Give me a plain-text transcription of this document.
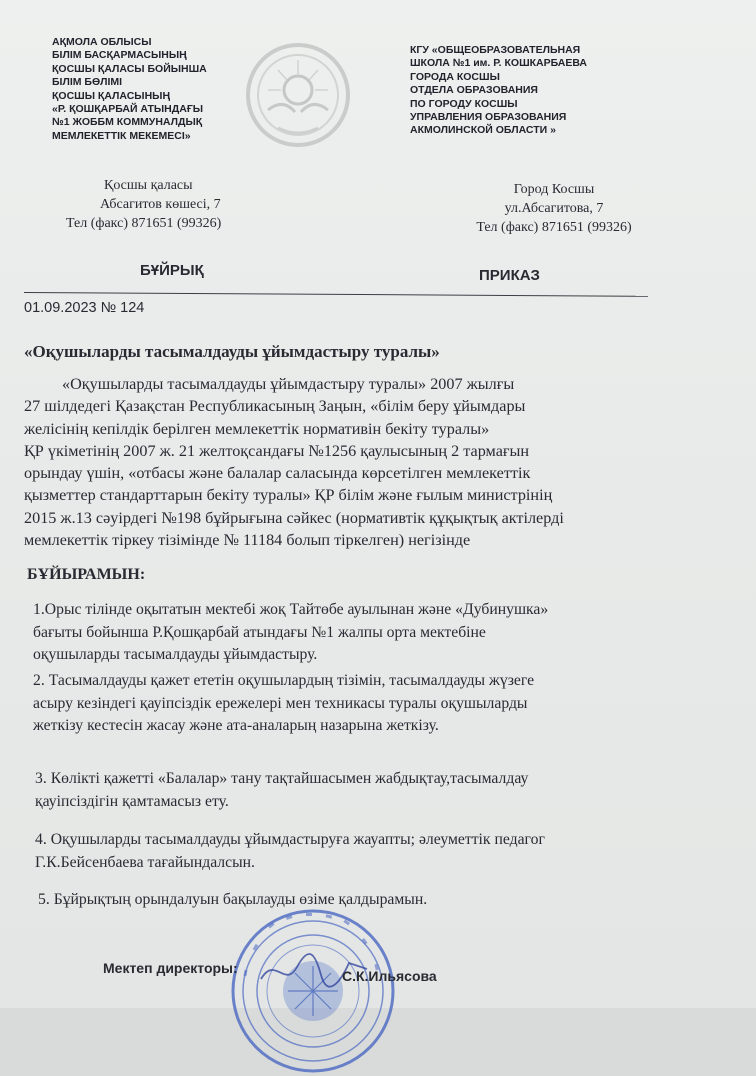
АҚМОЛА ОБЛЫСЫ
БІЛІМ БАСҚАРМАСЫНЫҢ
ҚОСШЫ ҚАЛАСЫ БОЙЫНША
БІЛІМ БӨЛІМІ
ҚОСШЫ ҚАЛАСЫНЫҢ
«Р. ҚОШҚАРБАЙ АТЫНДАҒЫ
№1 ЖОББМ КОММУНАЛДЫҚ
МЕМЛЕКЕТТІК МЕКЕМЕСІ»
КГУ «ОБЩЕОБРАЗОВАТЕЛЬНАЯ
ШКОЛА №1 им. Р. КОШКАРБАЕВА
ГОРОДА КОСШЫ
ОТДЕЛА ОБРАЗОВАНИЯ
ПО ГОРОДУ КОСШЫ
УПРАВЛЕНИЯ ОБРАЗОВАНИЯ
АКМОЛИНСКОЙ ОБЛАСТИ »
Қосшы қаласы
Абсагитов көшесі, 7
Тел (факс) 871651 (99326)
Город Косшы
ул.Абсагитова, 7
Тел (факс) 871651 (99326)
БҰЙРЫҚ	ПРИКАЗ
01.09.2023 № 124
«Оқушыларды тасымалдауды ұйымдастыру туралы»
«Оқушыларды тасымалдауды ұйымдастыру туралы» 2007 жылғы
27 шілдедегі Қазақстан Республикасының Заңын, «білім беру ұйымдары
желісінің кепілдік берілген мемлекеттік нормативін бекіту туралы»
ҚР үкіметінің 2007 ж. 21 желтоқсандағы №1256 қаулысының 2 тармағын
орындау үшін, «отбасы және балалар саласында көрсетілген мемлекеттік
қызметтер стандарттарын бекіту туралы» ҚР білім және ғылым министрінің
2015 ж.13 сәуірдегі №198 бұйрығына сәйкес (нормативтік құқықтық актілерді
мемлекеттік тіркеу тізімінде № 11184 болып тіркелген) негізінде
БҰЙЫРАМЫН:
1.Орыс тілінде оқытатын мектебі жоқ Тайтөбе ауылынан және «Дубинушка»
бағыты бойынша Р.Қошқарбай атындағы №1 жалпы орта мектебіне
оқушыларды тасымалдауды ұйымдастыру.
2. Тасымалдауды қажет ететін оқушылардың тізімін, тасымалдауды жүзеге
асыру кезіндегі қауіпсіздік ережелері мен техникасы туралы оқушыларды
жеткізу кестесін жасау және ата-аналарың назарына жеткізу.
3. Көлікті қажетті «Балалар» тану тақтайшасымен жабдықтау,тасымалдау
қауіпсіздігін қамтамасыз ету.
4. Оқушыларды тасымалдауды ұйымдастыруға жауапты; әлеуметтік педагог
Г.К.Бейсенбаева тағайындалсын.
5. Бұйрықтың орындалуын бақылауды өзіме қалдырамын.
Мектеп директоры:	С.К.Ильясова
